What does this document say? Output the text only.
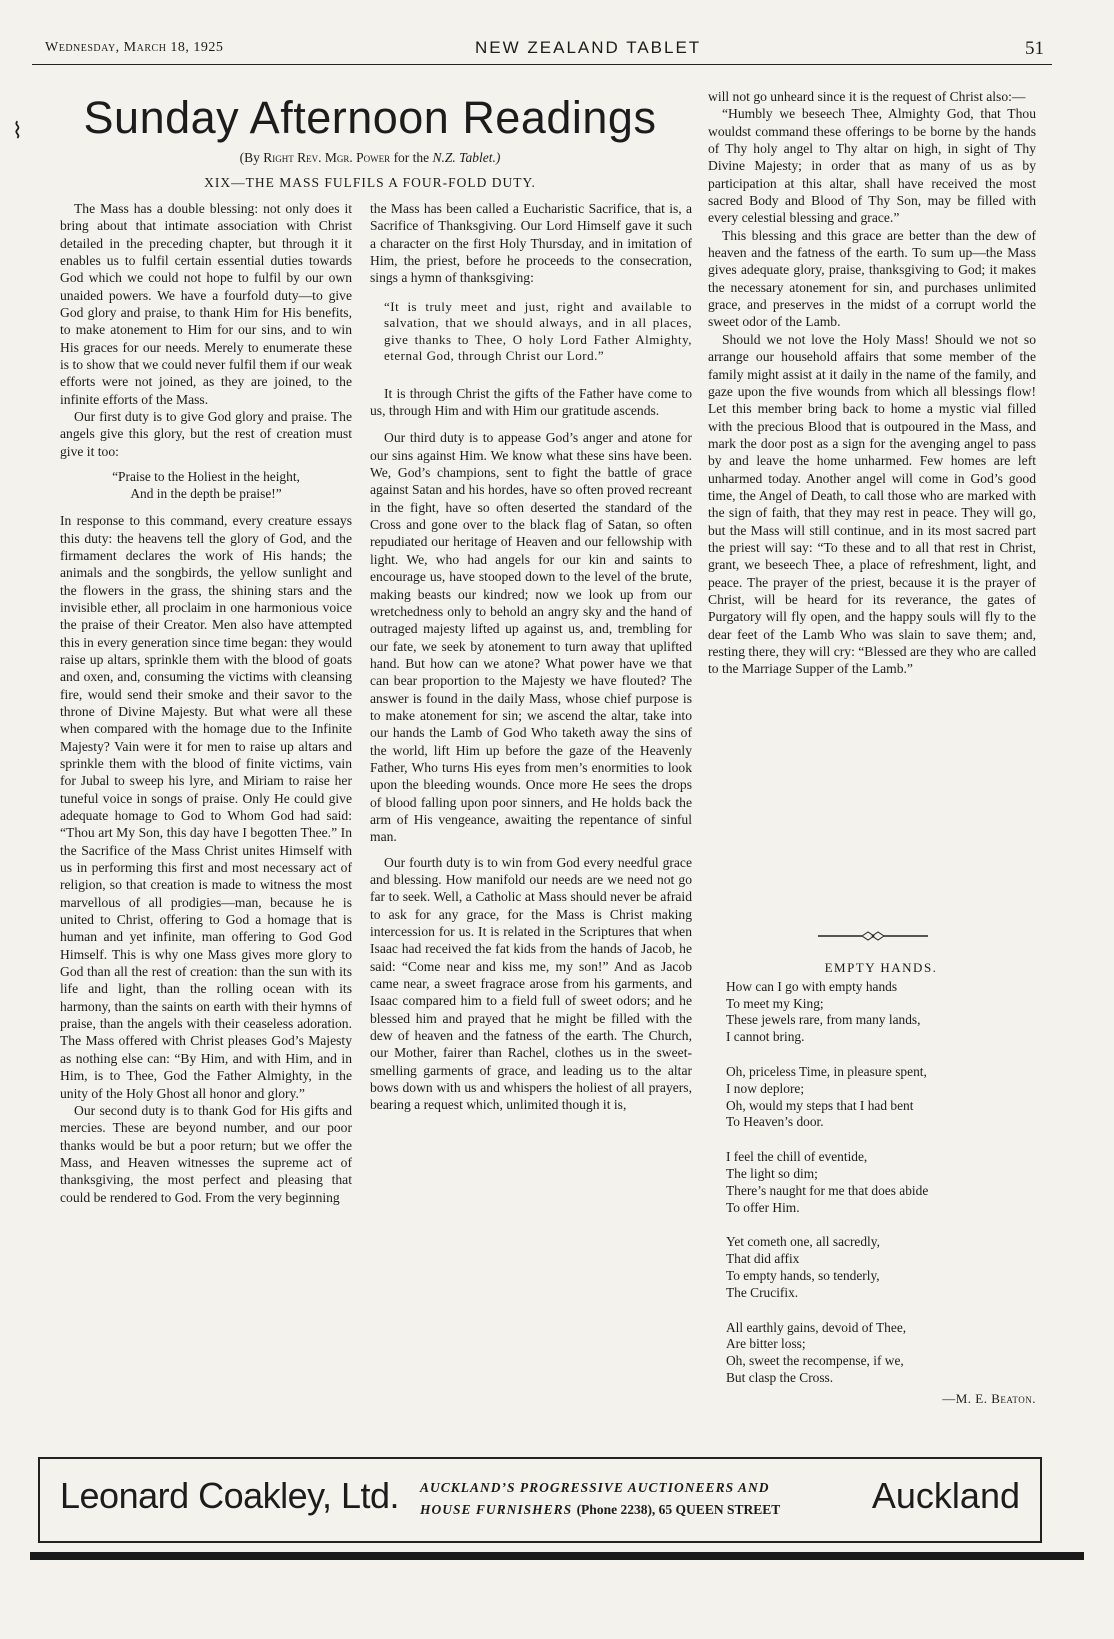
Wednesday, March 18, 1925	NEW ZEALAND TABLET	51
Sunday Afternoon Readings
(By Right Rev. Mgr. Power for the N.Z. Tablet.)
XIX—THE MASS FULFILS A FOUR-FOLD DUTY.

The Mass has a double blessing: not only does it bring about that intimate association with Christ detailed in the preceding chapter, but through it it enables us to fulfil certain essential duties towards God which we could not hope to fulfil by our own unaided powers. We have a fourfold duty—to give God glory and praise, to thank Him for His benefits, to make atonement to Him for our sins, and to win His graces for our needs. Merely to enumerate these is to show that we could never fulfil them if our weak efforts were not joined, as they are joined, to the infinite efforts of the Mass.

Our first duty is to give God glory and praise. The angels give this glory, but the rest of creation must give it too:

“Praise to the Holiest in the height,
And in the depth be praise!”

In response to this command, every creature essays this duty: the heavens tell the glory of God, and the firmament declares the work of His hands; the animals and the songbirds, the yellow sunlight and the flowers in the grass, the shining stars and the invisible ether, all proclaim in one harmonious voice the praise of their Creator. Men also have attempted this in every generation since time began: they would raise up altars, sprinkle them with the blood of goats and oxen, and, consuming the victims with cleansing fire, would send their smoke and their savor to the throne of Divine Majesty. But what were all these when compared with the homage due to the Infinite Majesty? Vain were it for men to raise up altars and sprinkle them with the blood of finite victims, vain for Jubal to sweep his lyre, and Miriam to raise her tuneful voice in songs of praise. Only He could give adequate homage to God to Whom God had said: “Thou art My Son, this day have I begotten Thee.” In the Sacrifice of the Mass Christ unites Himself with us in performing this first and most necessary act of religion, so that creation is made to witness the most marvellous of all prodigies—man, because he is united to Christ, offering to God a homage that is human and yet infinite, man offering to God God Himself. This is why one Mass gives more glory to God than all the rest of creation: than the sun with its life and light, than the rolling ocean with its harmony, than the saints on earth with their hymns of praise, than the angels with their ceaseless adoration. The Mass offered with Christ pleases God’s Majesty as nothing else can: “By Him, and with Him, and in Him, is to Thee, God the Father Almighty, in the unity of the Holy Ghost all honor and glory.”

Our second duty is to thank God for His gifts and mercies. These are beyond number, and our poor thanks would be but a poor return; but we offer the Mass, and Heaven witnesses the supreme act of thanksgiving, the most perfect and pleasing that could be rendered to God. From the very beginning

the Mass has been called a Eucharistic Sacrifice, that is, a Sacrifice of Thanksgiving. Our Lord Himself gave it such a character on the first Holy Thursday, and in imitation of Him, the priest, before he proceeds to the consecration, sings a hymn of thanksgiving:

“It is truly meet and just, right and available to salvation, that we should always, and in all places, give thanks to Thee, O holy Lord Father Almighty, eternal God, through Christ our Lord.”

It is through Christ the gifts of the Father have come to us, through Him and with Him our gratitude ascends.

Our third duty is to appease God’s anger and atone for our sins against Him. We know what these sins have been. We, God’s champions, sent to fight the battle of grace against Satan and his hordes, have so often proved recreant in the fight, have so often deserted the standard of the Cross and gone over to the black flag of Satan, so often repudiated our heritage of Heaven and our fellowship with light. We, who had angels for our kin and saints to encourage us, have stooped down to the level of the brute, making beasts our kindred; now we look up from our wretchedness only to behold an angry sky and the hand of outraged majesty lifted up against us, and, trembling for our fate, we seek by atonement to turn away that uplifted hand. But how can we atone? What power have we that can bear proportion to the Majesty we have flouted? The answer is found in the daily Mass, whose chief purpose is to make atonement for sin; we ascend the altar, take into our hands the Lamb of God Who taketh away the sins of the world, lift Him up before the gaze of the Heavenly Father, Who turns His eyes from men’s enormities to look upon the bleeding wounds. Once more He sees the drops of blood falling upon poor sinners, and He holds back the arm of His vengeance, awaiting the repentance of sinful man.

Our fourth duty is to win from God every needful grace and blessing. How manifold our needs are we need not go far to seek. Well, a Catholic at Mass should never be afraid to ask for any grace, for the Mass is Christ making intercession for us. It is related in the Scriptures that when Isaac had received the fat kids from the hands of Jacob, he said: “Come near and kiss me, my son!” And as Jacob came near, a sweet fragrace arose from his garments, and Isaac compared him to a field full of sweet odors; and he blessed him and prayed that he might be filled with the dew of heaven and the fatness of the earth. The Church, our Mother, fairer than Rachel, clothes us in the sweet-smelling garments of grace, and leading us to the altar bows down with us and whispers the holiest of all prayers, bearing a request which, unlimited though it is,

will not go unheard since it is the request of Christ also:—

“Humbly we beseech Thee, Almighty God, that Thou wouldst command these offerings to be borne by the hands of Thy holy angel to Thy altar on high, in sight of Thy Divine Majesty; in order that as many of us as by participation at this altar, shall have received the most sacred Body and Blood of Thy Son, may be filled with every celestial blessing and grace.”

This blessing and this grace are better than the dew of heaven and the fatness of the earth. To sum up—the Mass gives adequate glory, praise, thanksgiving to God; it makes the necessary atonement for sin, and purchases unlimited grace, and preserves in the midst of a corrupt world the sweet odor of the Lamb.

Should we not love the Holy Mass! Should we not so arrange our household affairs that some member of the family might assist at it daily in the name of the family, and gaze upon the five wounds from which all blessings flow! Let this member bring back to home a mystic vial filled with the precious Blood that is outpoured in the Mass, and mark the door post as a sign for the avenging angel to pass by and leave the home unharmed. Few homes are left unharmed today. Another angel will come in God’s good time, the Angel of Death, to call those who are marked with the sign of faith, that they may rest in peace. They will go, but the Mass will still continue, and in its most sacred part the priest will say: “To these and to all that rest in Christ, grant, we beseech Thee, a place of refreshment, light, and peace. The prayer of the priest, because it is the prayer of Christ, will be heard for its reverance, the gates of Purgatory will fly open, and the happy souls will fly to the dear feet of the Lamb Who was slain to save them; and, resting there, they will cry: “Blessed are they who are called to the Marriage Supper of the Lamb.”

EMPTY HANDS.
How can I go with empty hands
To meet my King;
These jewels rare, from many lands,
I cannot bring.
Oh, priceless Time, in pleasure spent,
I now deplore;
Oh, would my steps that I had bent
To Heaven’s door.
I feel the chill of eventide,
The light so dim;
There’s naught for me that does abide
To offer Him.
Yet cometh one, all sacredly,
That did affix
To empty hands, so tenderly,
The Crucifix.
All earthly gains, devoid of Thee,
Are bitter loss;
Oh, sweet the recompense, if we,
But clasp the Cross.
—M. E. Beaton.
Leonard Coakley, Ltd. AUCKLAND’S PROGRESSIVE AUCTIONEERS AND
HOUSE FURNISHERS (Phone 2238), 65 QUEEN STREET	Auckland
⌇
